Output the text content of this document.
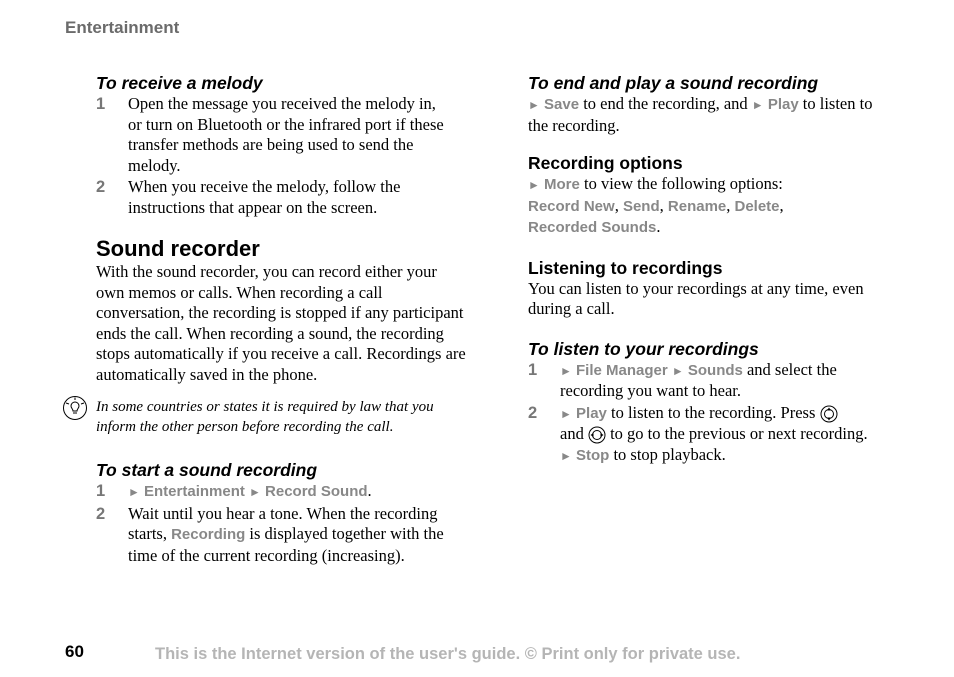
Entertainment

To receive a melody

1 Open the message you received the melody in, or turn on Bluetooth or the infrared port if these transfer methods are being used to send the melody.
2 When you receive the melody, follow the instructions that appear on the screen.

Sound recorder

With the sound recorder, you can record either your own memos or calls. When recording a call conversation, the recording is stopped if any participant ends the call. When recording a sound, the recording stops automatically if you receive a call. Recordings are automatically saved in the phone.

In some countries or states it is required by law that you inform the other person before recording the call.

To start a sound recording

1 ► Entertainment ► Record Sound.
2 Wait until you hear a tone. When the recording starts, Recording is displayed together with the time of the current recording (increasing).

To end and play a sound recording

► Save to end the recording, and ► Play to listen to the recording.

Recording options

► More to view the following options:
Record New, Send, Rename, Delete,
Recorded Sounds.

Listening to recordings

You can listen to your recordings at any time, even during a call.

To listen to your recordings

1 ► File Manager ► Sounds and select the recording you want to hear.
2 ► Play to listen to the recording. Press
and  to go to the previous or next recording.
► Stop to stop playback.
60	This is the Internet version of the user's guide. © Print only for private use.
